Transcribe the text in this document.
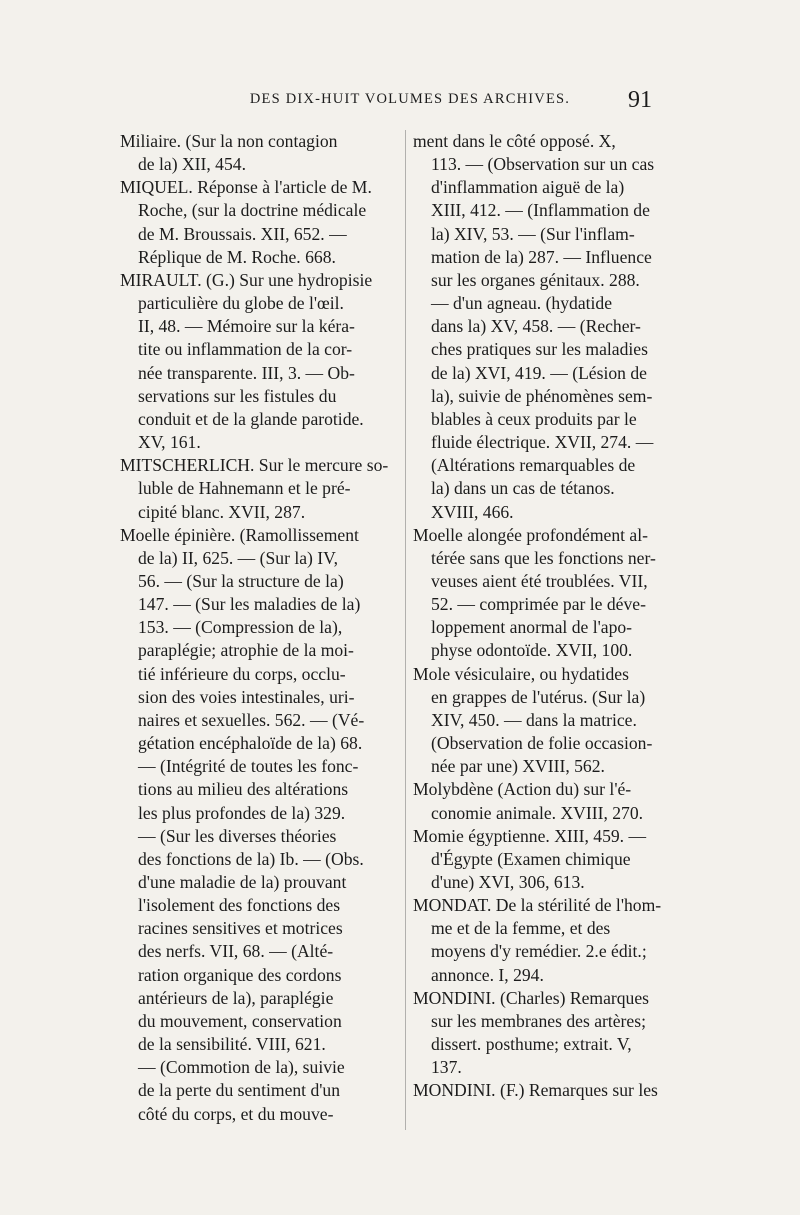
DES DIX-HUIT VOLUMES DES ARCHIVES.	91
Miliaire. (Sur la non contagion
de la) XII, 454.
MIQUEL. Réponse à l'article de M.
Roche, (sur la doctrine médicale
de M. Broussais. XII, 652. —
Réplique de M. Roche. 668.
MIRAULT. (G.) Sur une hydropisie
particulière du globe de l'œil.
II, 48. — Mémoire sur la kéra-
tite ou inflammation de la cor-
née transparente. III, 3. — Ob-
servations sur les fistules du
conduit et de la glande parotide.
XV, 161.
MITSCHERLICH. Sur le mercure so-
luble de Hahnemann et le pré-
cipité blanc. XVII, 287.
Moelle épinière. (Ramollissement
de la) II, 625. — (Sur la) IV,
56. — (Sur la structure de la)
147. — (Sur les maladies de la)
153. — (Compression de la),
paraplégie; atrophie de la moi-
tié inférieure du corps, occlu-
sion des voies intestinales, uri-
naires et sexuelles. 562. — (Vé-
gétation encéphaloïde de la) 68.
— (Intégrité de toutes les fonc-
tions au milieu des altérations
les plus profondes de la) 329.
— (Sur les diverses théories
des fonctions de la) Ib. — (Obs.
d'une maladie de la) prouvant
l'isolement des fonctions des
racines sensitives et motrices
des nerfs. VII, 68. — (Alté-
ration organique des cordons
antérieurs de la), paraplégie
du mouvement, conservation
de la sensibilité. VIII, 621.
— (Commotion de la), suivie
de la perte du sentiment d'un
côté du corps, et du mouve-
ment dans le côté opposé. X,
113. — (Observation sur un cas
d'inflammation aiguë de la)
XIII, 412. — (Inflammation de
la) XIV, 53. — (Sur l'inflam-
mation de la) 287. — Influence
sur les organes génitaux. 288.
— d'un agneau. (hydatide
dans la) XV, 458. — (Recher-
ches pratiques sur les maladies
de la) XVI, 419. — (Lésion de
la), suivie de phénomènes sem-
blables à ceux produits par le
fluide électrique. XVII, 274. —
(Altérations remarquables de
la) dans un cas de tétanos.
XVIII, 466.
Moelle alongée profondément al-
térée sans que les fonctions ner-
veuses aient été troublées. VII,
52. — comprimée par le déve-
loppement anormal de l'apo-
physe odontoïde. XVII, 100.
Mole vésiculaire, ou hydatides
en grappes de l'utérus. (Sur la)
XIV, 450. — dans la matrice.
(Observation de folie occasion-
née par une) XVIII, 562.
Molybdène (Action du) sur l'é-
conomie animale. XVIII, 270.
Momie égyptienne. XIII, 459. —
d'Égypte (Examen chimique
d'une) XVI, 306, 613.
MONDAT. De la stérilité de l'hom-
me et de la femme, et des
moyens d'y remédier. 2.e édit.;
annonce. I, 294.
MONDINI. (Charles) Remarques
sur les membranes des artères;
dissert. posthume; extrait. V,
137.
MONDINI. (F.) Remarques sur les
